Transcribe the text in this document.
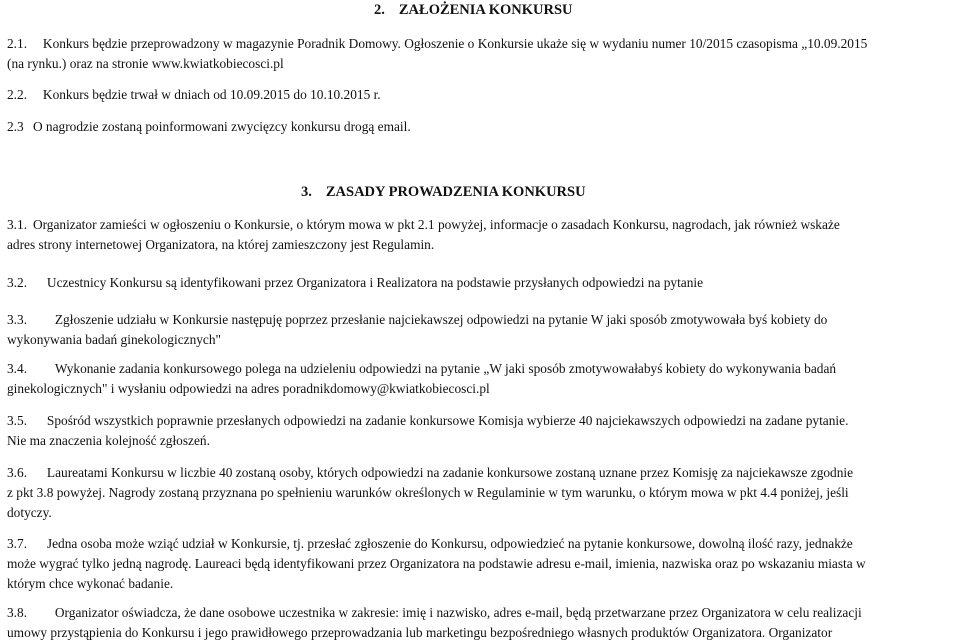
2. ZAŁOŻENIA KONKURSU
2.1. Konkurs będzie przeprowadzony w magazynie Poradnik Domowy. Ogłoszenie o Konkursie ukaże się w wydaniu numer 10/2015 czasopisma „10.09.2015
(na rynku.) oraz na stronie www.kwiatkobiecosci.pl
2.2. Konkurs będzie trwał w dniach od 10.09.2015 do 10.10.2015 r.
2.3 O nagrodzie zostaną poinformowani zwycięzcy konkursu drogą email.
3. ZASADY PROWADZENIA KONKURSU
3.1. Organizator zamieści w ogłoszeniu o Konkursie, o którym mowa w pkt 2.1 powyżej, informacje o zasadach Konkursu, nagrodach, jak również wskaże
adres strony internetowej Organizatora, na której zamieszczony jest Regulamin.
3.2. Uczestnicy Konkursu są identyfikowani przez Organizatora i Realizatora na podstawie przysłanych odpowiedzi na pytanie
3.3. Zgłoszenie udziału w Konkursie następuję poprzez przesłanie najciekawszej odpowiedzi na pytanie W jaki sposób zmotywowała byś kobiety do
wykonywania badań ginekologicznych"
3.4. Wykonanie zadania konkursowego polega na udzieleniu odpowiedzi na pytanie „W jaki sposób zmotywowałabyś kobiety do wykonywania badań
ginekologicznych" i wysłaniu odpowiedzi na adres poradnikdomowy@kwiatkobiecosci.pl
3.5. Spośród wszystkich poprawnie przesłanych odpowiedzi na zadanie konkursowe Komisja wybierze 40 najciekawszych odpowiedzi na zadane pytanie.
Nie ma znaczenia kolejność zgłoszeń.
3.6. Laureatami Konkursu w liczbie 40 zostaną osoby, których odpowiedzi na zadanie konkursowe zostaną uznane przez Komisję za najciekawsze zgodnie
z pkt 3.8 powyżej. Nagrody zostaną przyznana po spełnieniu warunków określonych w Regulaminie w tym warunku, o którym mowa w pkt 4.4 poniżej, jeśli
dotyczy.
3.7. Jedna osoba może wziąć udział w Konkursie, tj. przesłać zgłoszenie do Konkursu, odpowiedzieć na pytanie konkursowe, dowolną ilość razy, jednakże
może wygrać tylko jedną nagrodę. Laureaci będą identyfikowani przez Organizatora na podstawie adresu e-mail, imienia, nazwiska oraz po wskazaniu miasta w
którym chce wykonać badanie.
3.8. Organizator oświadcza, że dane osobowe uczestnika w zakresie: imię i nazwisko, adres e-mail, będą przetwarzane przez Organizatora w celu realizacji
umowy przystąpienia do Konkursu i jego prawidłowego przeprowadzania lub marketingu bezpośredniego własnych produktów Organizatora. Organizator
